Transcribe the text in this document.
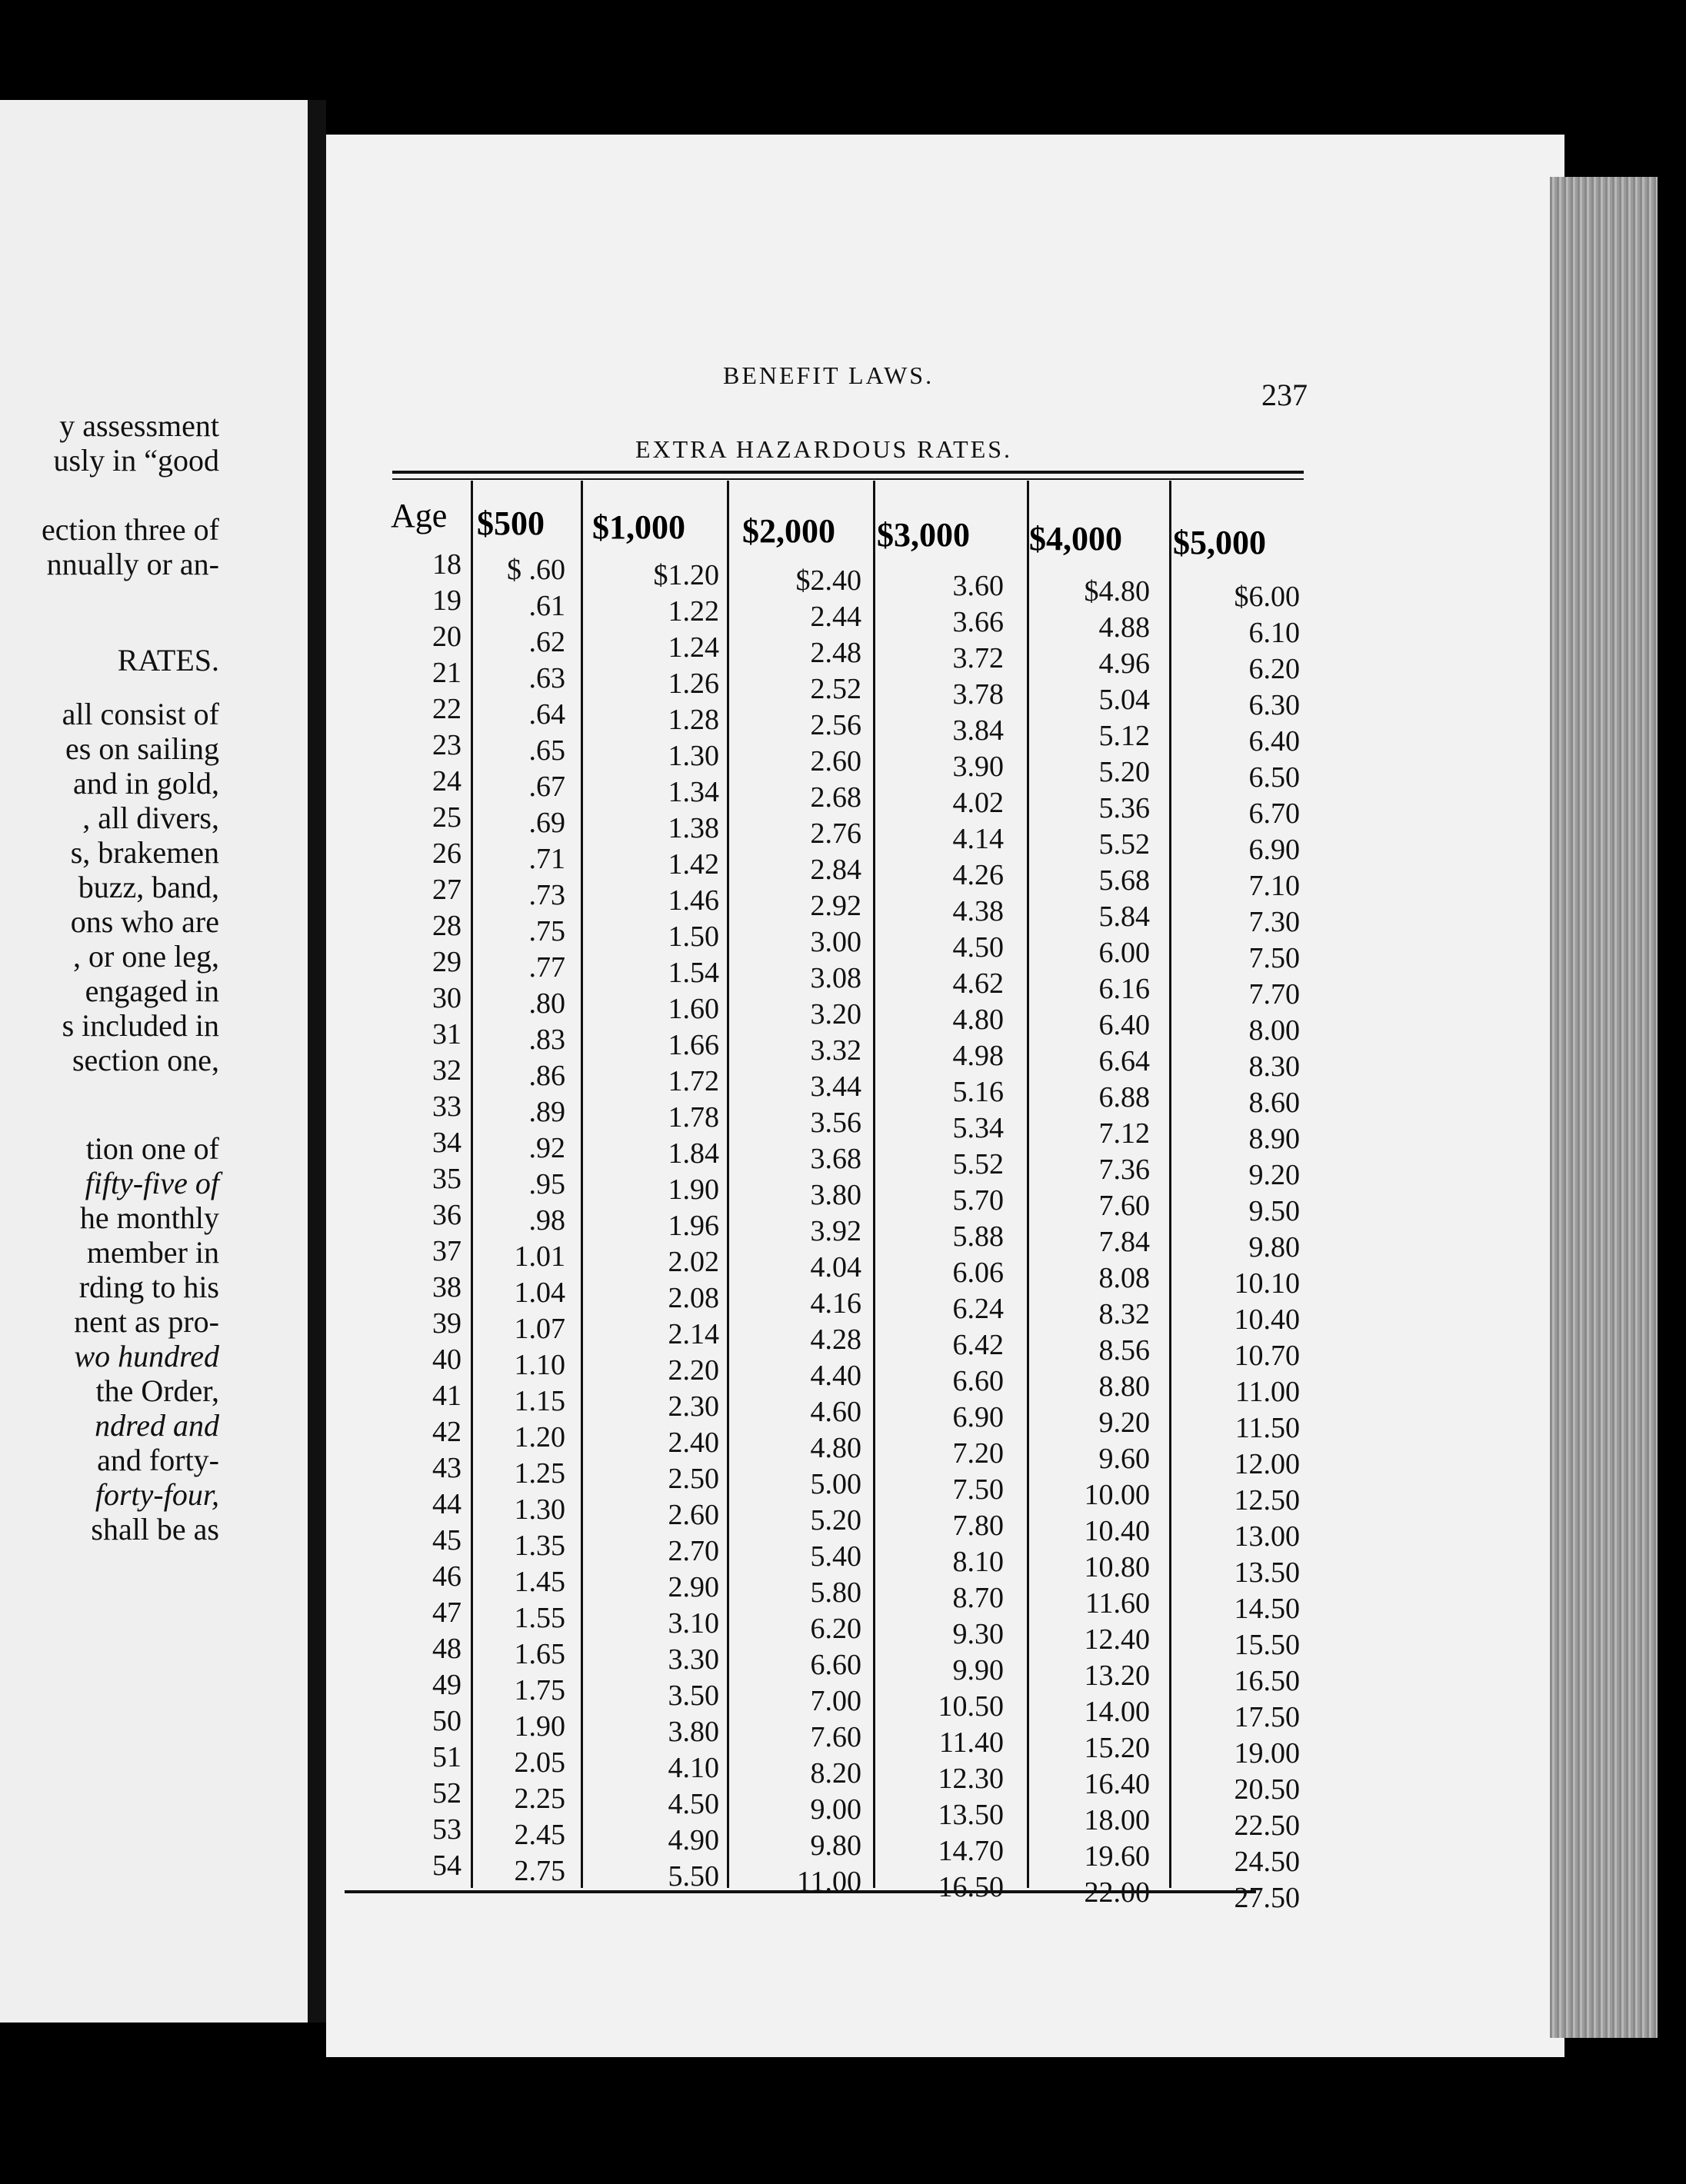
y assessment
usly in “good
ection three of
nnually or an-
RATES.
all consist of
es on sailing
and in gold,
, all divers,
s, brakemen
buzz, band,
ons who are
, or one leg,
engaged in
s included in
section one,
tion one of
fifty-five of
he monthly
member in
rding to his
nent as pro-
wo hundred
the Order,
ndred and
and forty-
forty-four,
shall be as
BENEFIT LAWS.
237
EXTRA HAZARDOUS RATES.
Age $500 $1,000 $2,000 $3,000 $4,000 $5,000
18	$ .60	$1.20	$2.40	3.60	$4.80	$6.00
19	.61	1.22	2.44	3.66	4.88	6.10
20	.62	1.24	2.48	3.72	4.96	6.20
21	.63	1.26	2.52	3.78	5.04	6.30
22	.64	1.28	2.56	3.84	5.12	6.40
23	.65	1.30	2.60	3.90	5.20	6.50
24	.67	1.34	2.68	4.02	5.36	6.70
25	.69	1.38	2.76	4.14	5.52	6.90
26	.71	1.42	2.84	4.26	5.68	7.10
27	.73	1.46	2.92	4.38	5.84	7.30
28	.75	1.50	3.00	4.50	6.00	7.50
29	.77	1.54	3.08	4.62	6.16	7.70
30	.80	1.60	3.20	4.80	6.40	8.00
31	.83	1.66	3.32	4.98	6.64	8.30
32	.86	1.72	3.44	5.16	6.88	8.60
33	.89	1.78	3.56	5.34	7.12	8.90
34	.92	1.84	3.68	5.52	7.36	9.20
35	.95	1.90	3.80	5.70	7.60	9.50
36	.98	1.96	3.92	5.88	7.84	9.80
37	1.01	2.02	4.04	6.06	8.08	10.10
38	1.04	2.08	4.16	6.24	8.32	10.40
39	1.07	2.14	4.28	6.42	8.56	10.70
40	1.10	2.20	4.40	6.60	8.80	11.00
41	1.15	2.30	4.60	6.90	9.20	11.50
42	1.20	2.40	4.80	7.20	9.60	12.00
43	1.25	2.50	5.00	7.50	10.00	12.50
44	1.30	2.60	5.20	7.80	10.40	13.00
45	1.35	2.70	5.40	8.10	10.80	13.50
46	1.45	2.90	5.80	8.70	11.60	14.50
47	1.55	3.10	6.20	9.30	12.40	15.50
48	1.65	3.30	6.60	9.90	13.20	16.50
49	1.75	3.50	7.00	10.50	14.00	17.50
50	1.90	3.80	7.60	11.40	15.20	19.00
51	2.05	4.10	8.20	12.30	16.40	20.50
52	2.25	4.50	9.00	13.50	18.00	22.50
53	2.45	4.90	9.80	14.70	19.60	24.50
54	2.75	5.50	11.00	16.50	22.00	27.50
